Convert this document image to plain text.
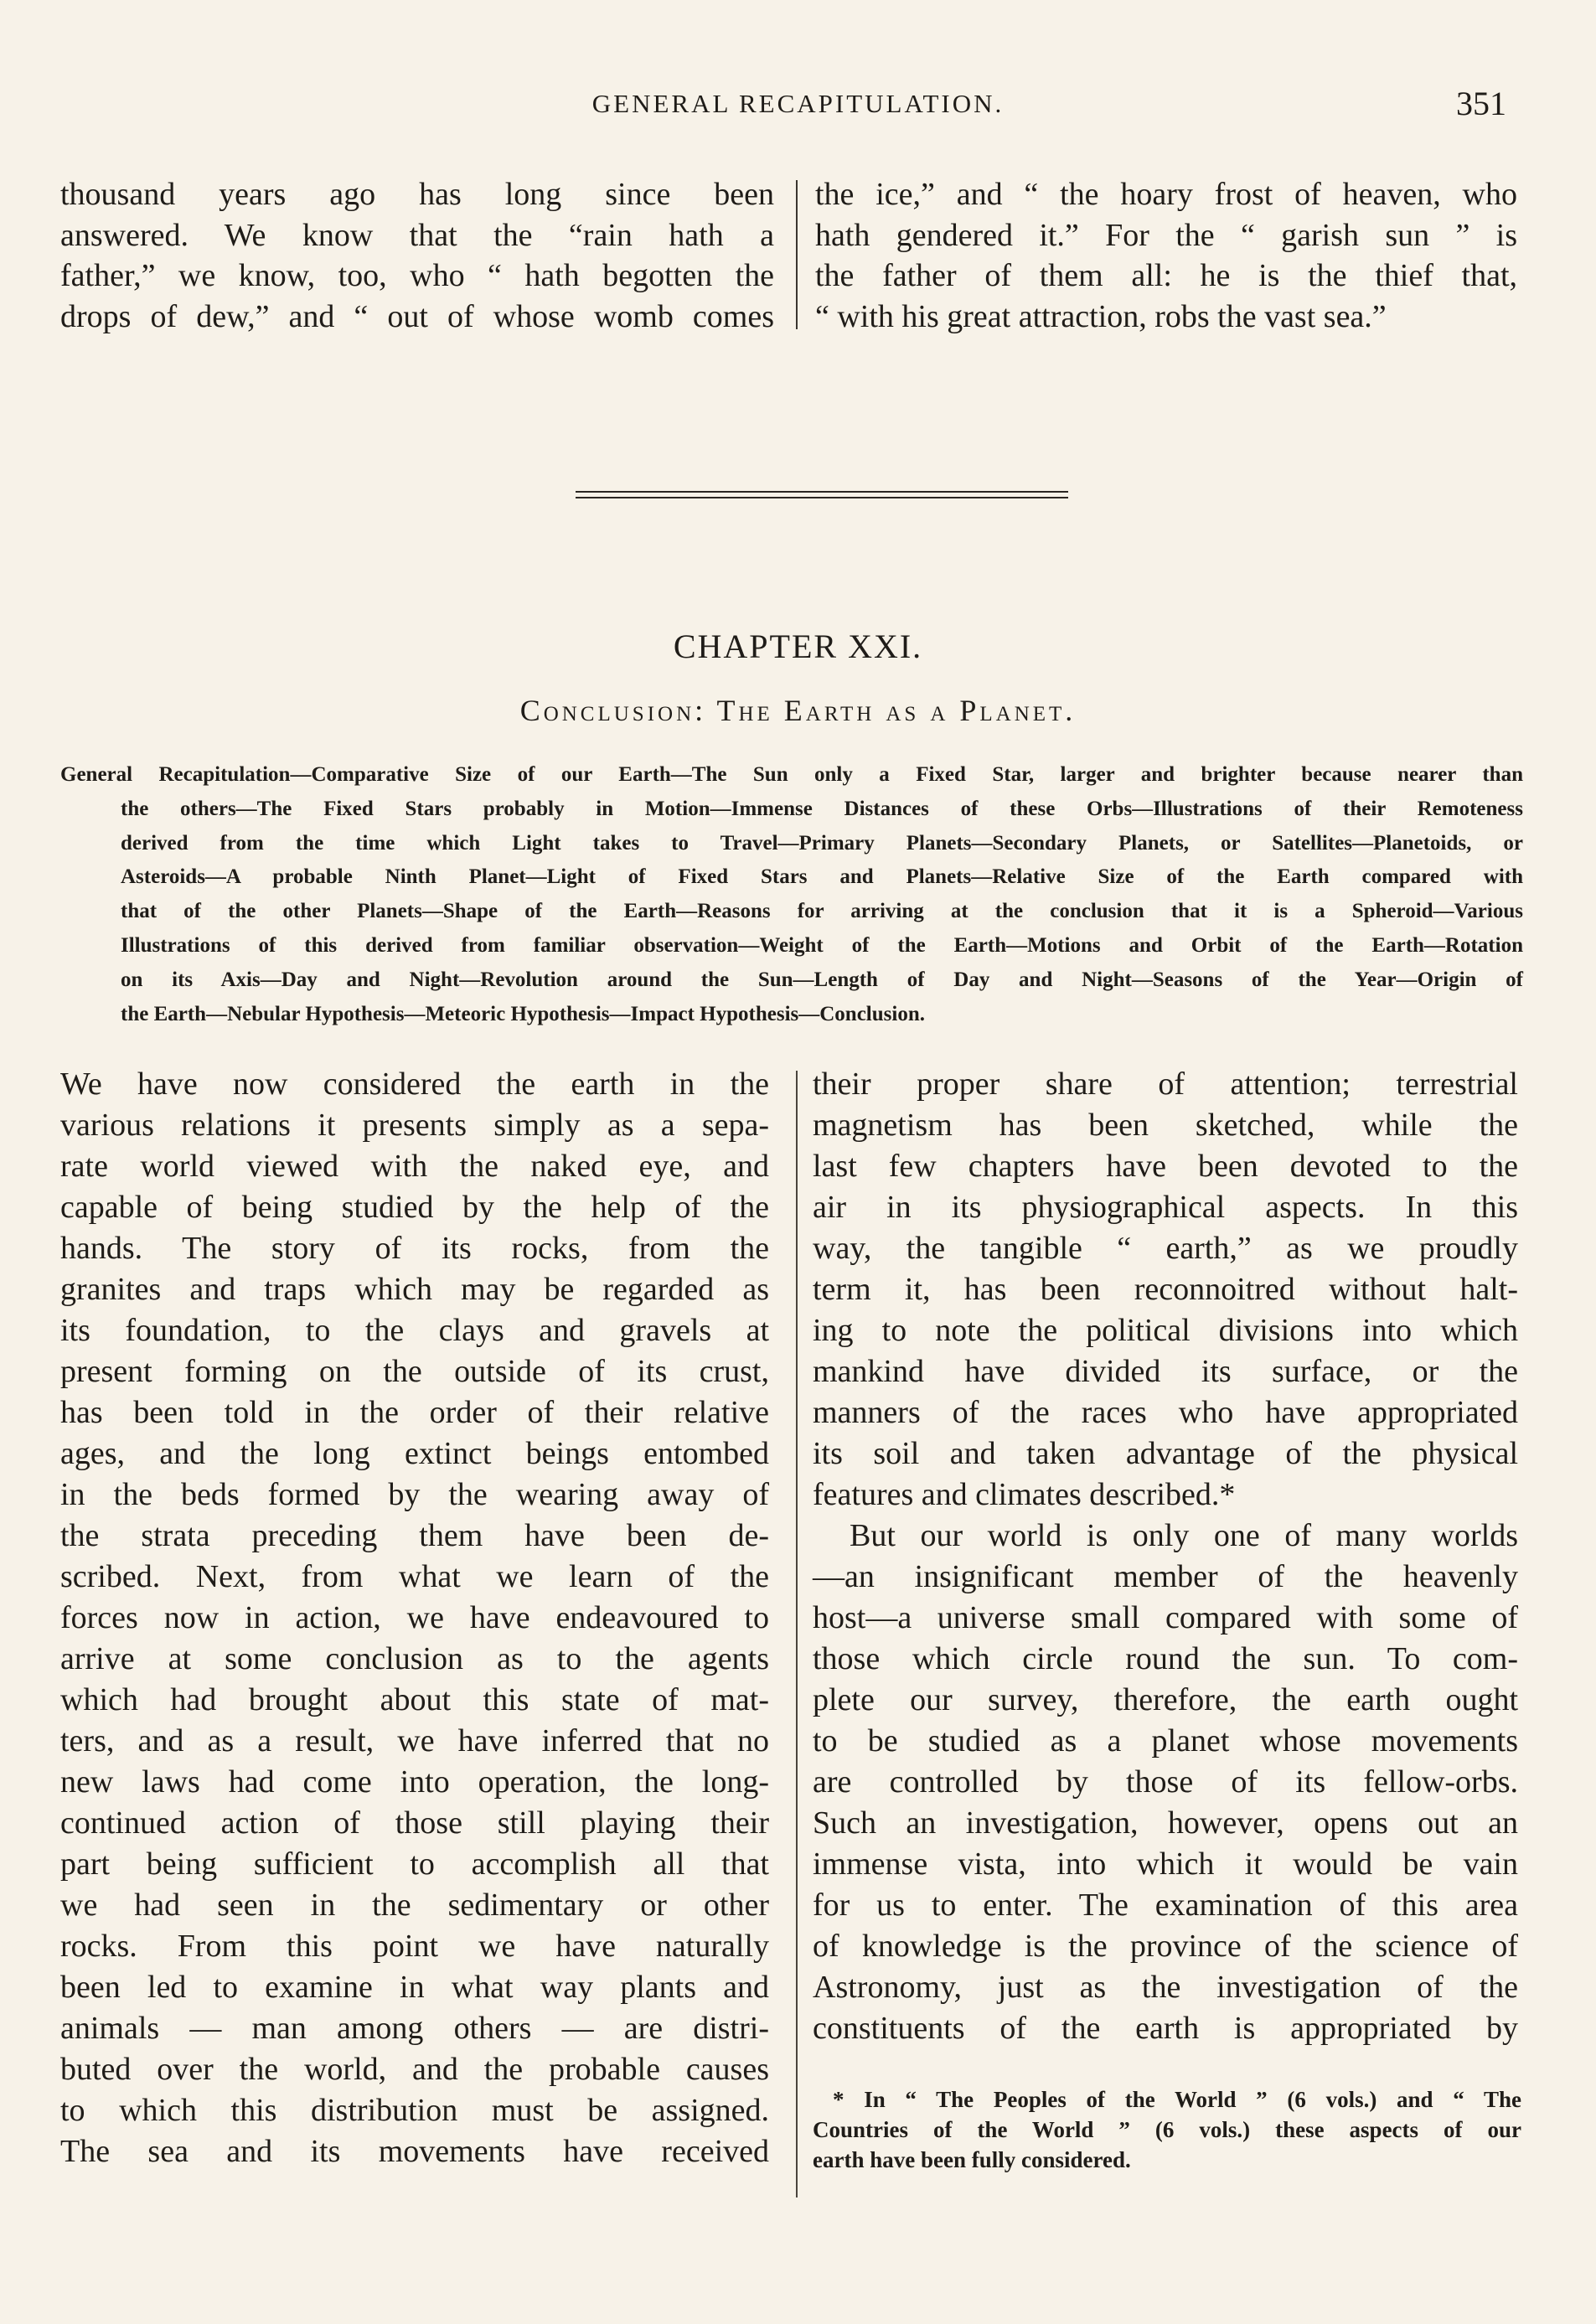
GENERAL RECAPITULATION.	351
thousand years ago has long since been
answered. We know that the “rain hath a
father,” we know, too, who “ hath begotten the
drops of dew,” and “ out of whose womb comes
the ice,” and “ the hoary frost of heaven, who
hath gendered it.” For the “ garish sun ” is
the father of them all: he is the thief that,
“ with his great attraction, robs the vast sea.”
CHAPTER XXI.
Conclusion: The Earth as a Planet.
General Recapitulation—Comparative Size of our Earth—The Sun only a Fixed Star, larger and brighter because nearer than
the others—The Fixed Stars probably in Motion—Immense Distances of these Orbs—Illustrations of their Remoteness
derived from the time which Light takes to Travel—Primary Planets—Secondary Planets, or Satellites—Planetoids, or
Asteroids—A probable Ninth Planet—Light of Fixed Stars and Planets—Relative Size of the Earth compared with
that of the other Planets—Shape of the Earth—Reasons for arriving at the conclusion that it is a Spheroid—Various
Illustrations of this derived from familiar observation—Weight of the Earth—Motions and Orbit of the Earth—Rotation
on its Axis—Day and Night—Revolution around the Sun—Length of Day and Night—Seasons of the Year—Origin of
the Earth—Nebular Hypothesis—Meteoric Hypothesis—Impact Hypothesis—Conclusion.
We have now considered the earth in the
various relations it presents simply as a sepa-
rate world viewed with the naked eye, and
capable of being studied by the help of the
hands. The story of its rocks, from the
granites and traps which may be regarded as
its foundation, to the clays and gravels at
present forming on the outside of its crust,
has been told in the order of their relative
ages, and the long extinct beings entombed
in the beds formed by the wearing away of
the strata preceding them have been de-
scribed. Next, from what we learn of the
forces now in action, we have endeavoured to
arrive at some conclusion as to the agents
which had brought about this state of mat-
ters, and as a result, we have inferred that no
new laws had come into operation, the long-
continued action of those still playing their
part being sufficient to accomplish all that
we had seen in the sedimentary or other
rocks. From this point we have naturally
been led to examine in what way plants and
animals — man among others — are distri-
buted over the world, and the probable causes
to which this distribution must be assigned.
The sea and its movements have received
their proper share of attention; terrestrial
magnetism has been sketched, while the
last few chapters have been devoted to the
air in its physiographical aspects. In this
way, the tangible “ earth,” as we proudly
term it, has been reconnoitred without halt-
ing to note the political divisions into which
mankind have divided its surface, or the
manners of the races who have appropriated
its soil and taken advantage of the physical
features and climates described.*
But our world is only one of many worlds
—an insignificant member of the heavenly
host—a universe small compared with some of
those which circle round the sun. To com-
plete our survey, therefore, the earth ought
to be studied as a planet whose movements
are controlled by those of its fellow-orbs.
Such an investigation, however, opens out an
immense vista, into which it would be vain
for us to enter. The examination of this area
of knowledge is the province of the science of
Astronomy, just as the investigation of the
constituents of the earth is appropriated by
* In “ The Peoples of the World ” (6 vols.) and “ The
Countries of the World ” (6 vols.) these aspects of our
earth have been fully considered.
